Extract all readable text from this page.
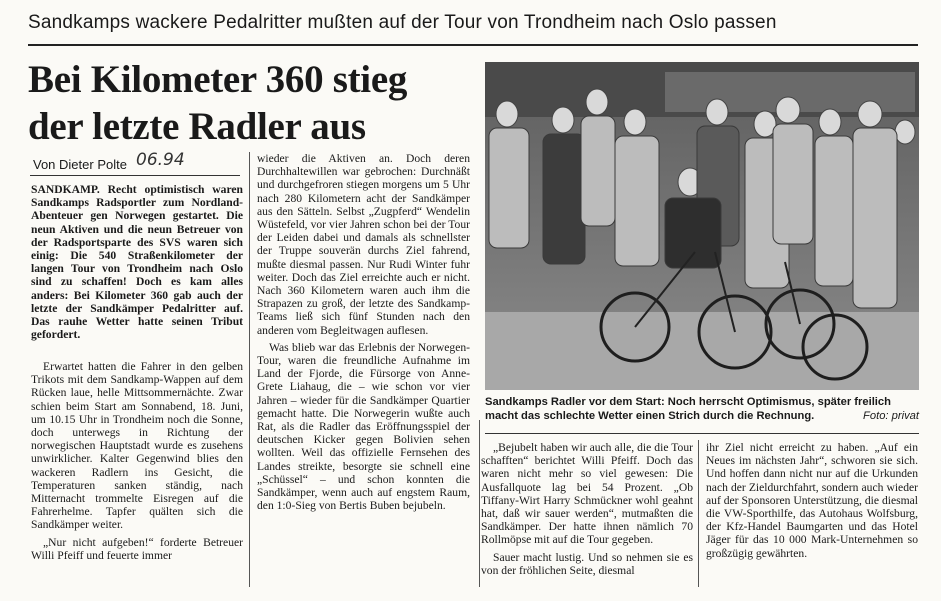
Sandkamps wackere Pedalritter mußten auf der Tour von Trondheim nach Oslo passen
Bei Kilometer 360 stieg
der letzte Radler aus
Von Dieter Polte 06.94

SANDKAMP. Recht optimistisch waren Sandkamps Radsportler zum Nordland-Abenteuer gen Norwegen gestartet. Die neun Aktiven und die neun Betreuer von der Radsportsparte des SVS waren sich einig: Die 540 Straßenkilometer der langen Tour von Trondheim nach Oslo sind zu schaffen! Doch es kam alles anders: Bei Kilometer 360 gab auch der letzte der Sandkämper Pedalritter auf. Das rauhe Wetter hatte seinen Tribut gefordert.

Erwartet hatten die Fahrer in den gelben Trikots mit dem Sandkamp-Wappen auf dem Rücken laue, helle Mittsommernächte. Zwar schien beim Start am Sonnabend, 18. Juni, um 10.15 Uhr in Trondheim noch die Sonne, doch unterwegs in Richtung der norwegischen Hauptstadt wurde es zusehens unwirklicher. Kalter Gegenwind blies den wackeren Radlern ins Gesicht, die Temperaturen sanken ständig, nach Mitternacht trommelte Eisregen auf die Fahrerhelme. Tapfer quälten sich die Sandkämper weiter.

„Nur nicht aufgeben!“ forderte Betreuer Willi Pfeiff und feuerte immer

wieder die Aktiven an. Doch deren Durchhaltewillen war gebrochen: Durchnäßt und durchgefroren stiegen morgens um 5 Uhr nach 280 Kilometern acht der Sandkämper aus den Sätteln. Selbst „Zugpferd“ Wendelin Wüstefeld, vor vier Jahren schon bei der Tour der Leiden dabei und damals als schnellster der Truppe souverän durchs Ziel fahrend, mußte diesmal passen. Nur Rudi Winter fuhr weiter. Doch das Ziel erreichte auch er nicht. Nach 360 Kilometern waren auch ihm die Strapazen zu groß, der letzte des Sandkamp-Teams ließ sich fünf Stunden nach den anderen vom Begleitwagen auflesen.

Was blieb war das Erlebnis der Norwegen-Tour, waren die freundliche Aufnahme im Land der Fjorde, die Fürsorge von Anne-Grete Liahaug, die – wie schon vor vier Jahren – wieder für die Sandkämper Quartier gemacht hatte. Die Norwegerin wußte auch Rat, als die Radler das Eröffnungsspiel der deutschen Kicker gegen Bolivien sehen wollten. Weil das offizielle Fernsehen des Landes streikte, besorgte sie schnell eine „Schüssel“ – und schon konnten die Sandkämper, wenn auch auf engstem Raum, den 1:0-Sieg von Bertis Buben bejubeln.

Sandkamps Radler vor dem Start: Noch herrscht Optimismus, später freilich macht das schlechte Wetter einen Strich durch die Rechnung.	Foto: privat

„Bejubelt haben wir auch alle, die die Tour schafften“ berichtet Willi Pfeiff. Doch das waren nicht mehr so viel gewesen: Die Ausfallquote lag bei 54 Prozent. „Ob Tiffany-Wirt Harry Schmückner wohl geahnt hat, daß wir sauer werden“, mutmaßten die Sandkämper. Der hatte ihnen nämlich 70 Rollmöpse mit auf die Tour gegeben.

Sauer macht lustig. Und so nehmen sie es von der fröhlichen Seite, diesmal

ihr Ziel nicht erreicht zu haben. „Auf ein Neues im nächsten Jahr“, schworen sie sich. Und hoffen dann nicht nur auf die Urkunden nach der Zieldurchfahrt, sondern auch wieder auf der Sponsoren Unterstützung, die diesmal die VW-Sporthilfe, das Autohaus Wolfsburg, der Kfz-Handel Baumgarten und das Hotel Jäger für das 10 000 Mark-Unternehmen so großzügig gewährten.
